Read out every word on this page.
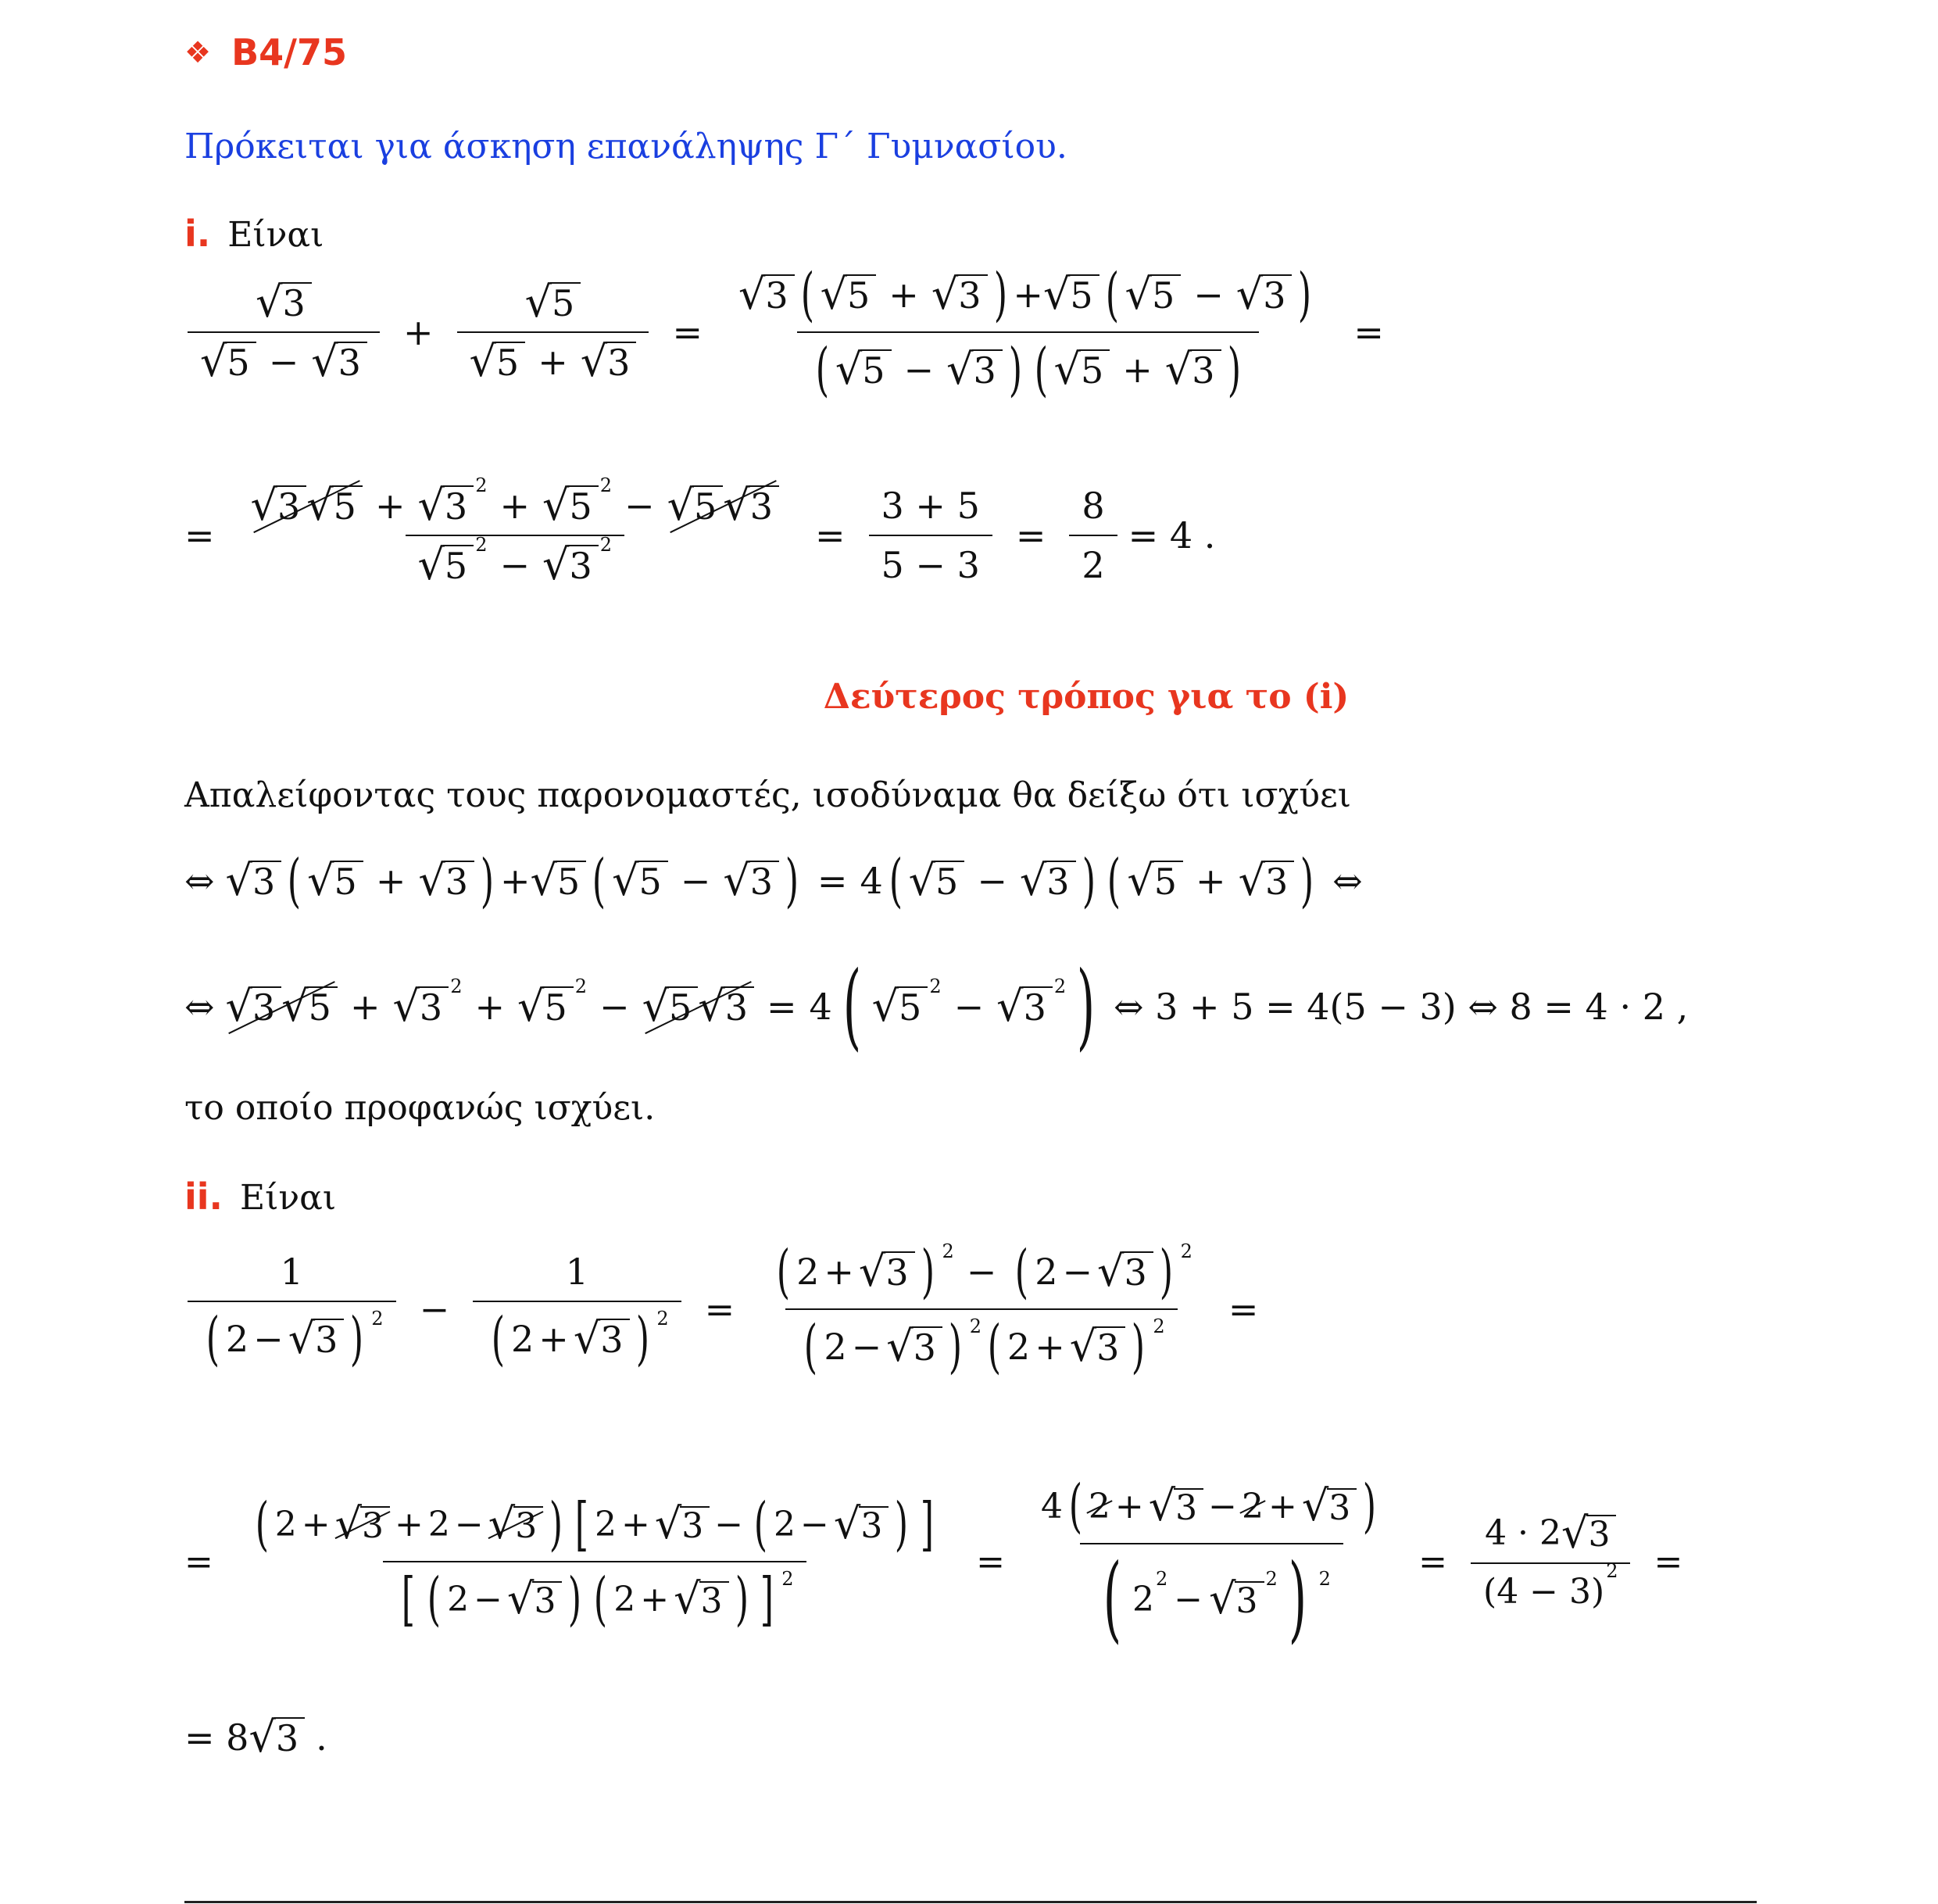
❖ B4/75
Πρόκειται για άσκηση επανάληψης Γ΄ Γυμνασίου.
i. Είναι
$\frac{√ 3}{√ 5 - √ 3} + \frac{√ 5}{√ 5 + √ 3}$ =
√ 3 ( √ 5 + √ 3 ) + √ 5 ( √ 5 − √ 3 )
( √ 5 − √ 3 ) ( √ 5 + √ 3 )
=
= √ 3 √ 5 + √ 3
2 + √ 5
2 − √ 5 √ 3
√ 5
2 − √ 3
$2 = \frac{3 + 5}{5 - 3} = \frac{8}{2} = 4$ .
Δεύτερος τρόπος για το (i)
Απαλείφοντας τους παρονομαστές, ισοδύναμα θα δείξω ότι ισχύει
⇔ √ 3 ( √ 5 + √ 3 ) + √ 5 ( √ 5 − √ 3 ) = 4 ( √ 5 − √ 3 ) ( √ 5 + √ 3 ) ⇔
⇔ √ 3 √ 5 + √ 3
2 + √ 5
2 − √ 5 √ 3 = 4 ( √ 5
2 − √ 3
2 ) ⇔ 3 + 5 = 4(5 − 3) ⇔ 8 = 4 · 2 ,
το οποίο προφανώς ισχύει.
ii. Είναι
$\frac{1}{( 2 - √ 3 ) 2} - \frac{1}{( 2 + √ 3 ) 2} = \frac{( 2 + √ 3 ) 2 - ( 2 - √ 3 ) 2}{( 2 - √ 3 ) 2 ( 2 + √ 3 ) 2}$ =
=
( 2 + √ 3 + 2 − √ 3 ) [ 2 + √ 3 − ( 2 − √ 3 ) ]
[ ( 2 − √ 3 ) ( 2 + √ 3 ) ] 2	= 4 ( 2 + √ 3 − 2 + √ 3 )
( 2
2
− √ 3
2 ) 2 = 4 · 2 √ 3
(4 − 3)
2 =
= 8 √ 3 .
